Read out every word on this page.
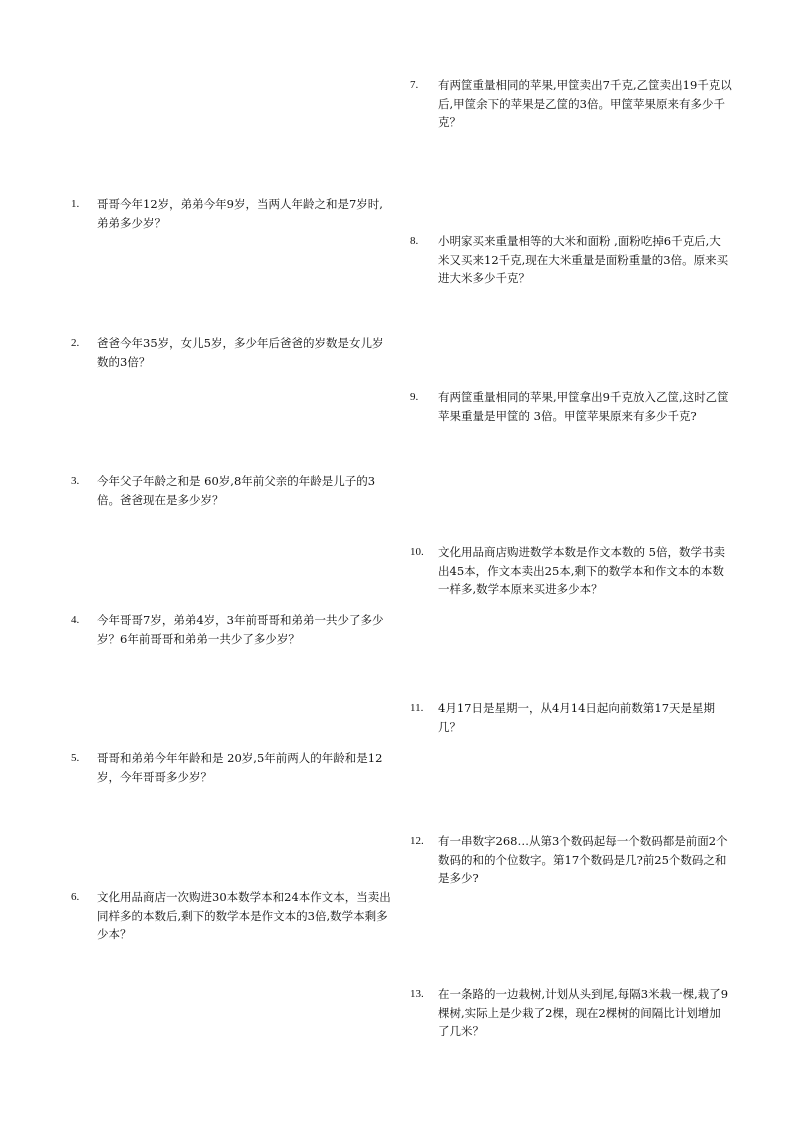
1. 哥哥今年12岁，弟弟今年9岁，当两人年龄之和是7岁时,弟弟多少岁？
2. 爸爸今年35岁，女儿5岁，多少年后爸爸的岁数是女儿岁数的3倍？
3. 今年父子年龄之和是 60岁,8年前父亲的年龄是儿子的3倍。爸爸现在是多少岁？
4. 今年哥哥7岁，弟弟4岁，3年前哥哥和弟弟一共少了多少岁？6年前哥哥和弟弟一共少了多少岁？
5. 哥哥和弟弟今年年龄和是 20岁,5年前两人的年龄和是12岁，今年哥哥多少岁？
6. 文化用品商店一次购进30本数学本和24本作文本，当卖出同样多的本数后,剩下的数学本是作文本的3倍,数学本剩多少本？
7. 有两筐重量相同的苹果,甲筐卖出7千克,乙筐卖出19千克以后,甲筐余下的苹果是乙筐的3倍。甲筐苹果原来有多少千克？
8. 小明家买来重量相等的大米和面粉 ,面粉吃掉6千克后,大米又买来12千克,现在大米重量是面粉重量的3倍。原来买进大米多少千克？
9. 有两筐重量相同的苹果,甲筐拿出9千克放入乙筐,这时乙筐苹果重量是甲筐的 3倍。甲筐苹果原来有多少千克?
10. 文化用品商店购进数学本数是作文本数的 5倍，数学书卖出45本，作文本卖出25本,剩下的数学本和作文本的本数一样多,数学本原来买进多少本？
11. 4月17日是星期一，从4月14日起向前数第17天是星期几？
12. 有一串数字268…从第3个数码起每一个数码都是前面2个数码的和的个位数字。第17个数码是几?前25个数码之和是多少?
13. 在一条路的一边栽树,计划从头到尾,每隔3米栽一棵,栽了9棵树,实际上是少栽了2棵，现在2棵树的间隔比计划增加了几米？
